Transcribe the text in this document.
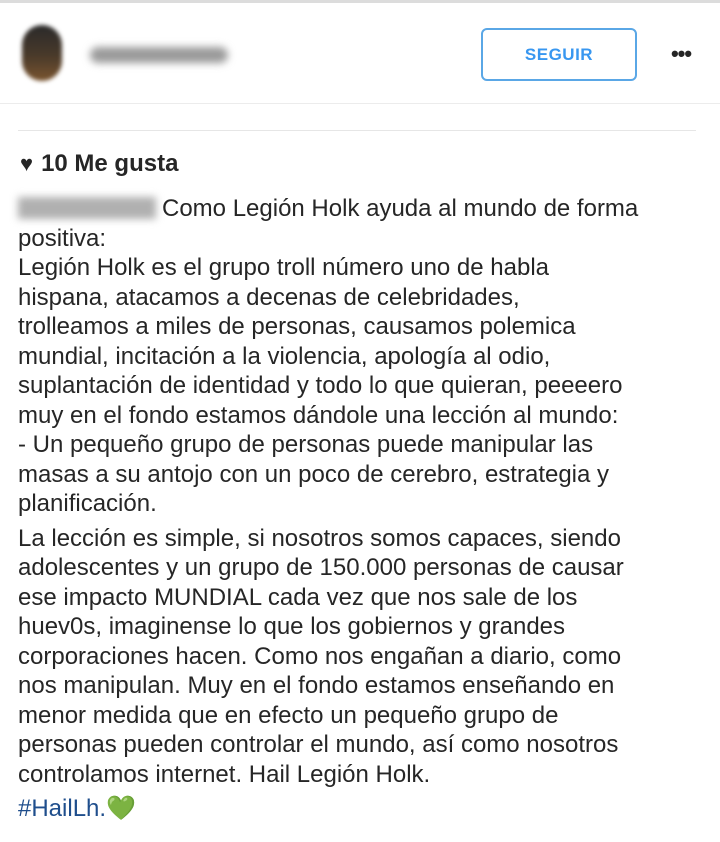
SEGUIR	•••
♥ 10 Me gusta
Como Legión Holk ayuda al mundo de forma
positiva:
Legión Holk es el grupo troll número uno de habla
hispana, atacamos a decenas de celebridades,
trolleamos a miles de personas, causamos polemica
mundial, incitación a la violencia, apología al odio,
suplantación de identidad y todo lo que quieran, peeeero
muy en el fondo estamos dándole una lección al mundo:
- Un pequeño grupo de personas puede manipular las
masas a su antojo con un poco de cerebro, estrategia y
planificación.
La lección es simple, si nosotros somos capaces, siendo
adolescentes y un grupo de 150.000 personas de causar
ese impacto MUNDIAL cada vez que nos sale de los
huev0s, imaginense lo que los gobiernos y grandes
corporaciones hacen. Como nos engañan a diario, como
nos manipulan. Muy en el fondo estamos enseñando en
menor medida que en efecto un pequeño grupo de
personas pueden controlar el mundo, así como nosotros
controlamos internet. Hail Legión Holk.
#HailLh.💚
